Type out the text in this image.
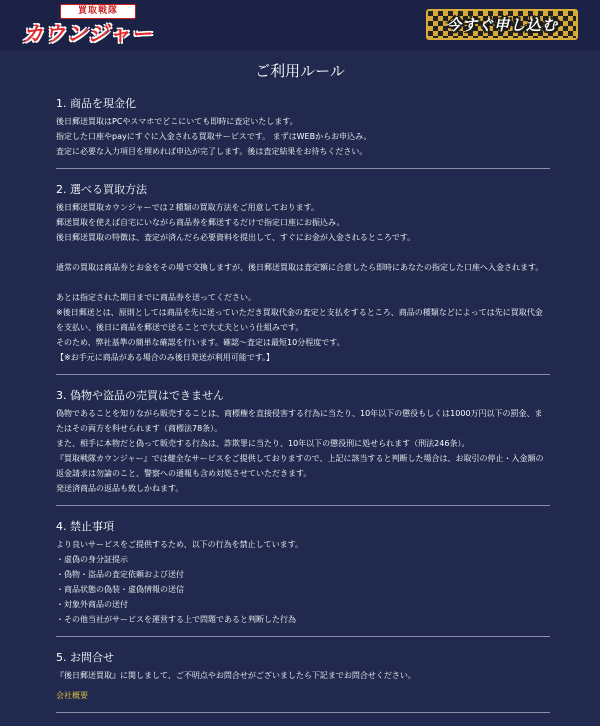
買取戦隊
カウンジャー	今すぐ申し込む
ご利用ルール
1. 商品を現金化

後日郵送買取はPCやスマホでどこにいても即時に査定いたします。

指定した口座やpayにすぐに入金される買取サービスです。 まずはWEBからお申込み。

査定に必要な入力項目を埋めれば申込が完了します。後は査定結果をお待ちください。

2. 選べる買取方法

後日郵送買取カウンジャーでは２種類の買取方法をご用意しております。

郵送買取を使えば自宅にいながら商品券を郵送するだけで指定口座にお振込み。

後日郵送買取の特徴は、査定が済んだら必要資料を提出して、すぐにお金が入金されるところです。

通常の買取は商品券とお金をその場で交換しますが、後日郵送買取は査定額に合意したら即時にあなたの指定した口座へ入金されます。

あとは指定された期日までに商品券を送ってください。

※後日郵送とは、原則としては商品を先に送っていただき買取代金の査定と支払をするところ、商品の種類などによっては先に買取代金を支払い、後日に商品を郵送で送ることで大丈夫という仕組みです。

そのため、弊社基準の簡単な確認を行います。確認～査定は最短10分程度です。

【※お手元に商品がある場合のみ後日発送が利用可能です。】

3. 偽物や盗品の売買はできません

偽物であることを知りながら販売することは、商標権を直接侵害する行為に当たり、10年以下の懲役もしくは1000万円以下の罰金、またはその両方を科せられます（商標法78条）。

また、相手に本物だと偽って販売する行為は、詐欺罪に当たり、10年以下の懲役刑に処せられます（刑法246条）。

『買取戦隊カウンジャー』では健全なサービスをご提供しておりますので、上記に該当すると判断した場合は、お取引の停止・入金額の返金請求は勿論のこと、警察への通報も含め対処させていただきます。

発送済商品の返品も致しかねます。

4. 禁止事項

より良いサービスをご提供するため、以下の行為を禁止しています。

・虚偽の身分証提示

・偽物・盗品の査定依頼および送付

・商品状態の偽装・虚偽情報の送信

・対象外商品の送付

・その他当社がサービスを運営する上で問題であると判断した行為

5. お問合せ

『後日郵送買取』に関しまして、ご不明点やお問合せがございましたら下記までお問合せください。

会社概要
